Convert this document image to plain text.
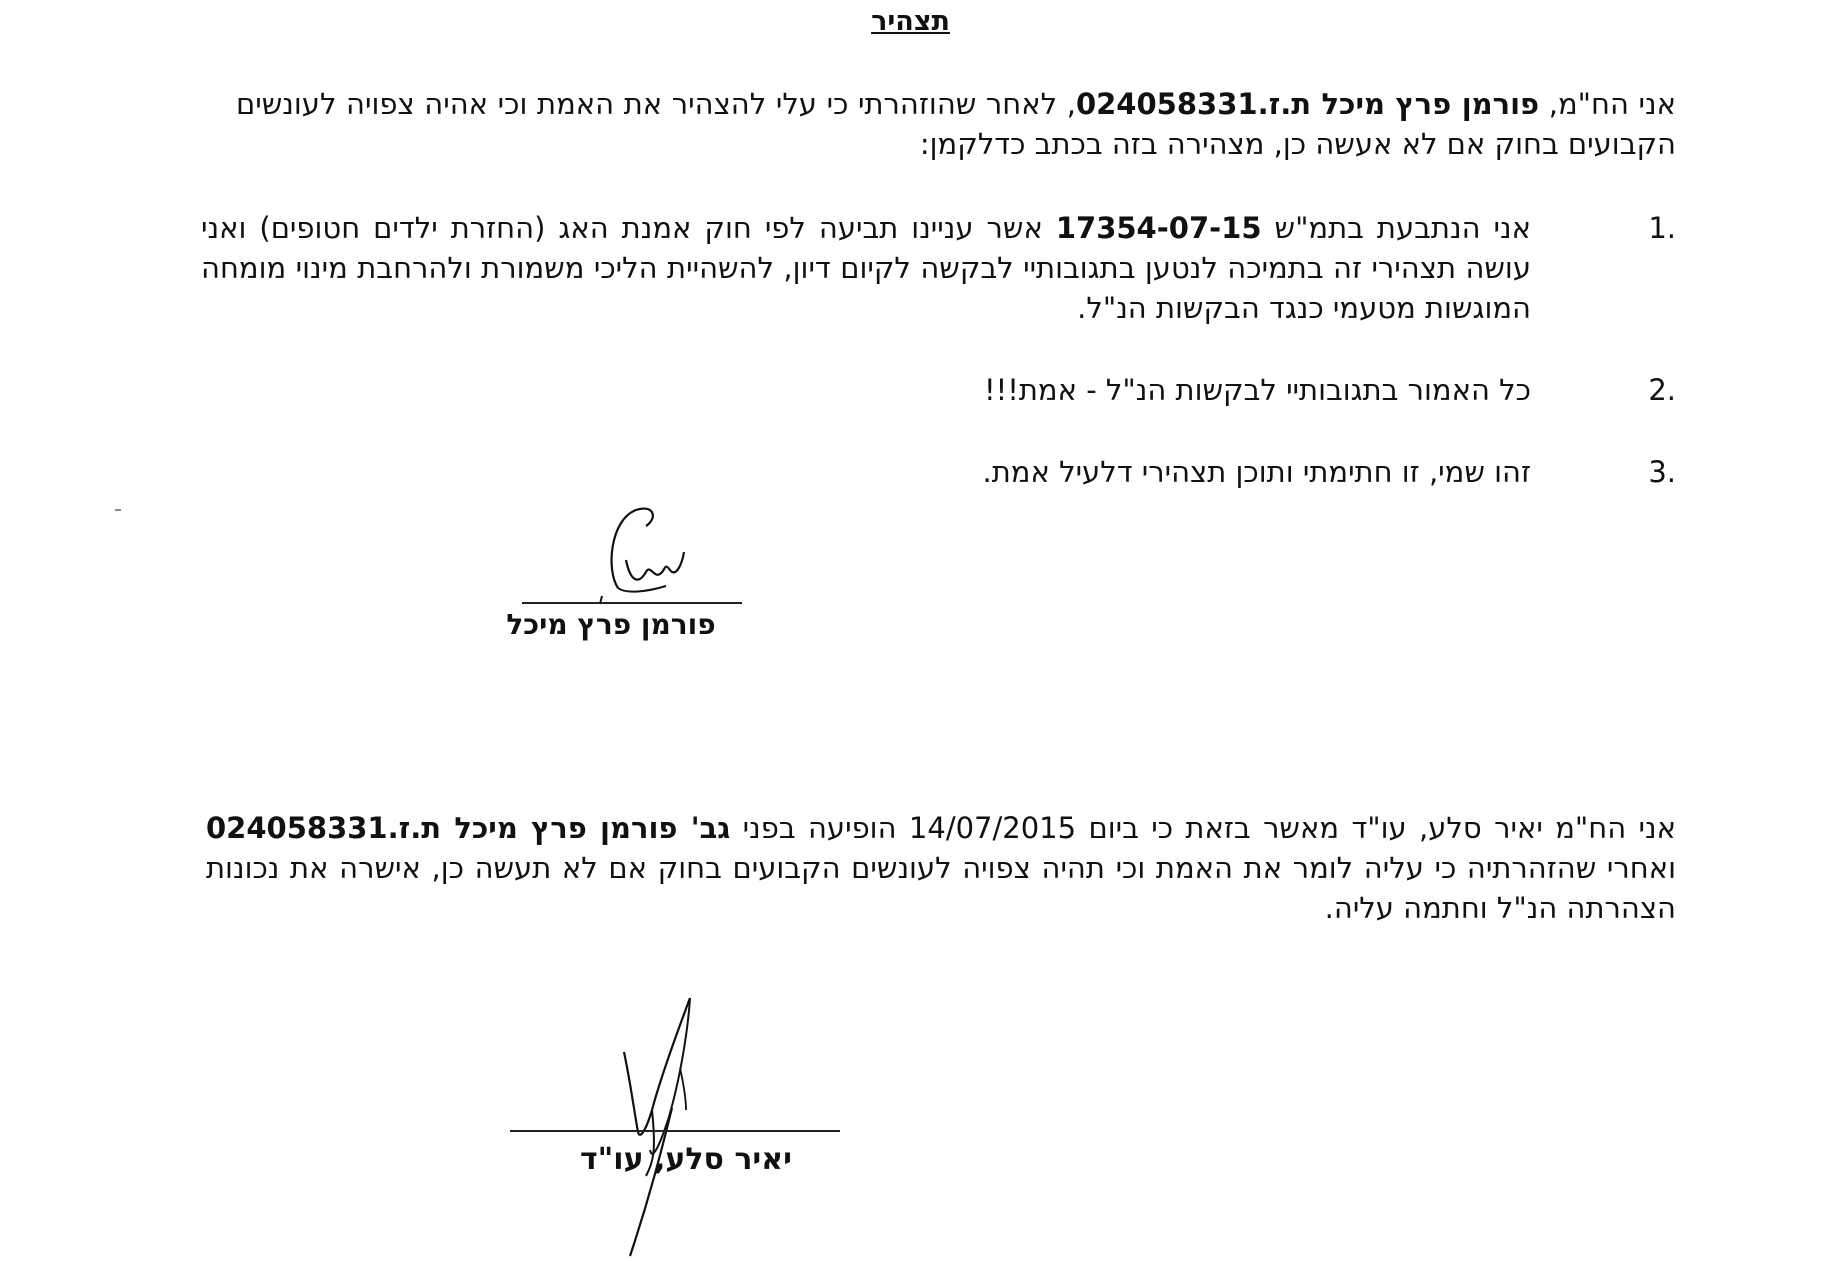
תצהיר
אני הח"מ, פורמן פרץ מיכל ת.ז.024058331, לאחר שהוזהרתי כי עלי להצהיר את האמת וכי אהיה צפויה לעונשים הקבועים בחוק אם לא אעשה כן, מצהירה בזה בכתב כדלקמן:
.1
אני הנתבעת בתמ"ש 17354-07-15 אשר עניינו תביעה לפי חוק אמנת האג (החזרת ילדים חטופים) ואני עושה תצהירי זה בתמיכה לנטען בתגובותיי לבקשה לקיום דיון, להשהיית הליכי משמורת ולהרחבת מינוי מומחה המוגשות מטעמי כנגד הבקשות הנ"ל.
.2
כל האמור בתגובותיי לבקשות הנ"ל - אמת!!!
.3
זהו שמי, זו חתימתי ותוכן תצהירי דלעיל אמת.
פורמן פרץ מיכל
אני הח"מ יאיר סלע, עו"ד מאשר בזאת כי ביום 14/07/2015 הופיעה בפני גב' פורמן פרץ מיכל ת.ז.024058331 ואחרי שהזהרתיה כי עליה לומר את האמת וכי תהיה צפויה לעונשים הקבועים בחוק אם לא תעשה כן, אישרה את נכונות הצהרתה הנ"ל וחתמה עליה.
יאיר סלע, עו"ד
